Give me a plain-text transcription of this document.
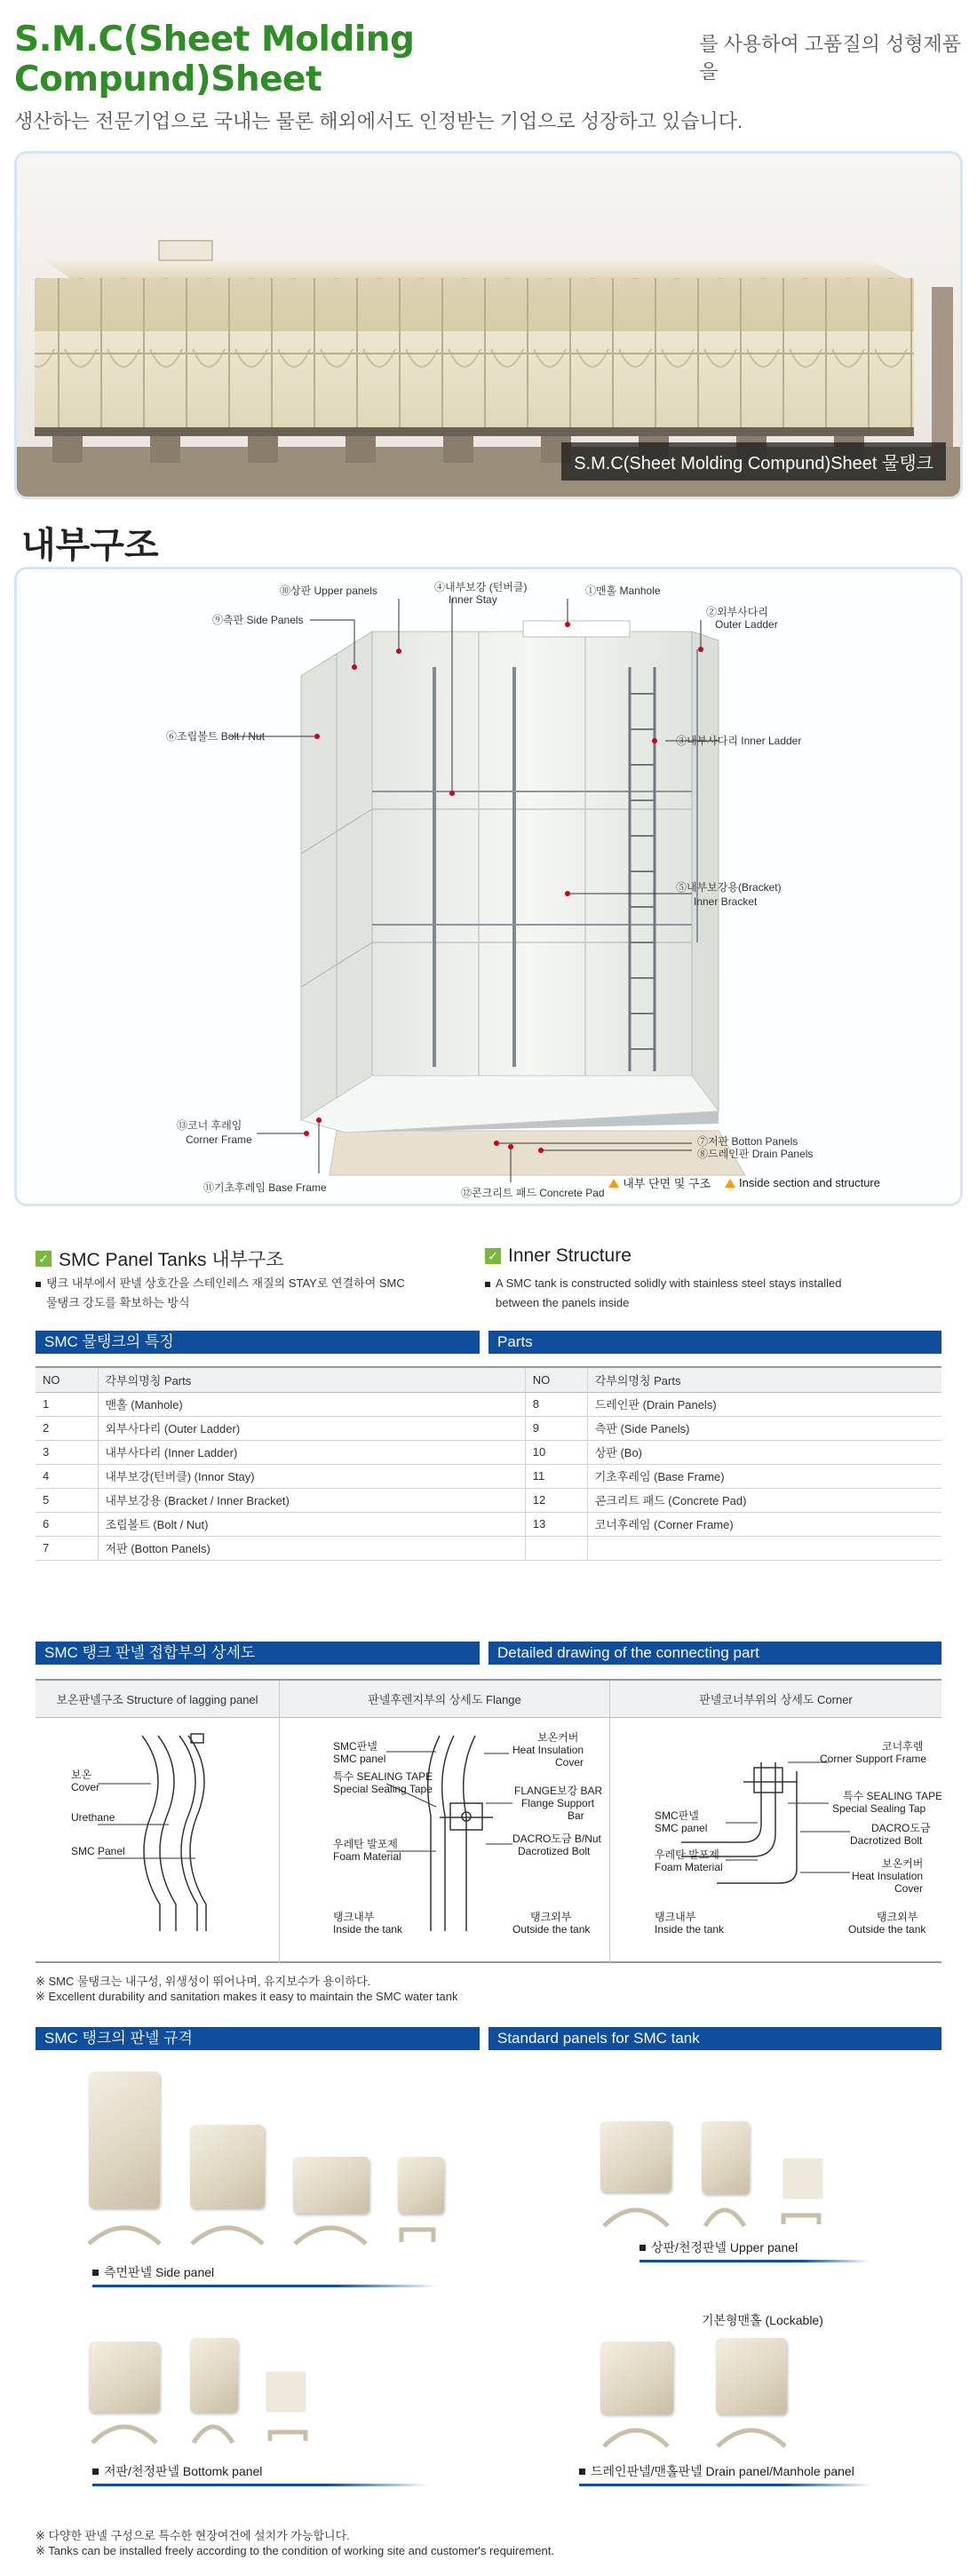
S.M.C(Sheet Molding Compund)Sheet
를 사용하여 고품질의 성형제품을
생산하는 전문기업으로 국내는 물론 해외에서도 인정받는 기업으로 성장하고 있습니다.
S.M.C(Sheet Molding Compund)Sheet 물탱크
내부구조
⑩상판 Upper panels	④내부보강 (턴버클)
Inner Stay
①맨홀 Manhole
⑨측판 Side Panels
②외부사다리
Outer Ladder
⑥조립볼트 Bolt / Nut	③내부사다리 Inner Ladder
⑤내부보강용(Bracket)
Inner Bracket
⑬코너 후레임
Corner Frame	⑦저판 Botton Panels
⑧드레인판 Drain Panels
⑪기초후레임 Base Frame	⑫콘크리트 패드 Concrete Pad
내부 단면 및 구조 Inside section and structure
✓ SMC Panel Tanks 내부구조
탱크 내부에서 판넬 상호간을 스테인레스 재질의 STAY로 연결하여 SMC
물탱크 강도를 확보하는 방식
✓ Inner Structure
A SMC tank is constructed solidly with stainless steel stays installed
between the panels inside
SMC 물탱크의 특징	Parts
NO	각부의명칭 Parts	NO	각부의명칭 Parts
1	맨홀 (Manhole)	8	드레인판 (Drain Panels)
2	외부사다리 (Outer Ladder)	9	측판 (Side Panels)
3	내부사다리 (Inner Ladder)	10	상판 (Bo)
4	내부보강(턴버클) (Innor Stay)	11	기초후레임 (Base Frame)
5	내부보강용 (Bracket / Inner Bracket)	12	콘크리트 패드 (Concrete Pad)
6	조립볼트 (Bolt / Nut)	13	코너후레임 (Corner Frame)
7	저판 (Botton Panels)		
SMC 탱크 판넬 접합부의 상세도	Detailed drawing of the connecting part
보온판넬구조 Structure of lagging panel	판넬후렌지부의 상세도 Flange	판넬코너부위의 상세도 Corner
보온
Cover
Urethane
SMC Panel
SMC판넬
SMC panel
특수 SEALING TAPE
Special Sealing Tape
우레탄 발포제
Foam Material
보온커버
Heat Insulation
Cover
FLANGE보강 BAR
Flange Support
Bar
DACRO도금 B/Nut
Dacrotized Bolt
탱크내부
Inside the tank
탱크외부
Outside the tank
코너후렘
Corner Support Frame
특수 SEALING TAPE
Special Sealing Tap
SMC판넬
SMC panel	DACRO도금
Dacrotized Bolt
우레탄 발포제
Foam Material	보온커버
Heat Insulation
Cover
탱크내부
Inside the tank
탱크외부
Outside the tank
※ SMC 물탱크는 내구성, 위생성이 뛰어나며, 유지보수가 용이하다.
※ Excellent durability and sanitation makes it easy to maintain the SMC water tank
SMC 탱크의 판넬 규격	Standard panels for SMC tank
측면판넬 Side panel
상판/천정판넬 Upper panel
저판/천정판넬 Bottomk panel
기본형맨홀 (Lockable)
드레인판넬/맨홀판넬 Drain panel/Manhole panel
※ 다양한 판넬 구성으로 특수한 현장여건에 설치가 가능합니다.
※ Tanks can be installed freely according to the condition of working site and customer's requirement.
